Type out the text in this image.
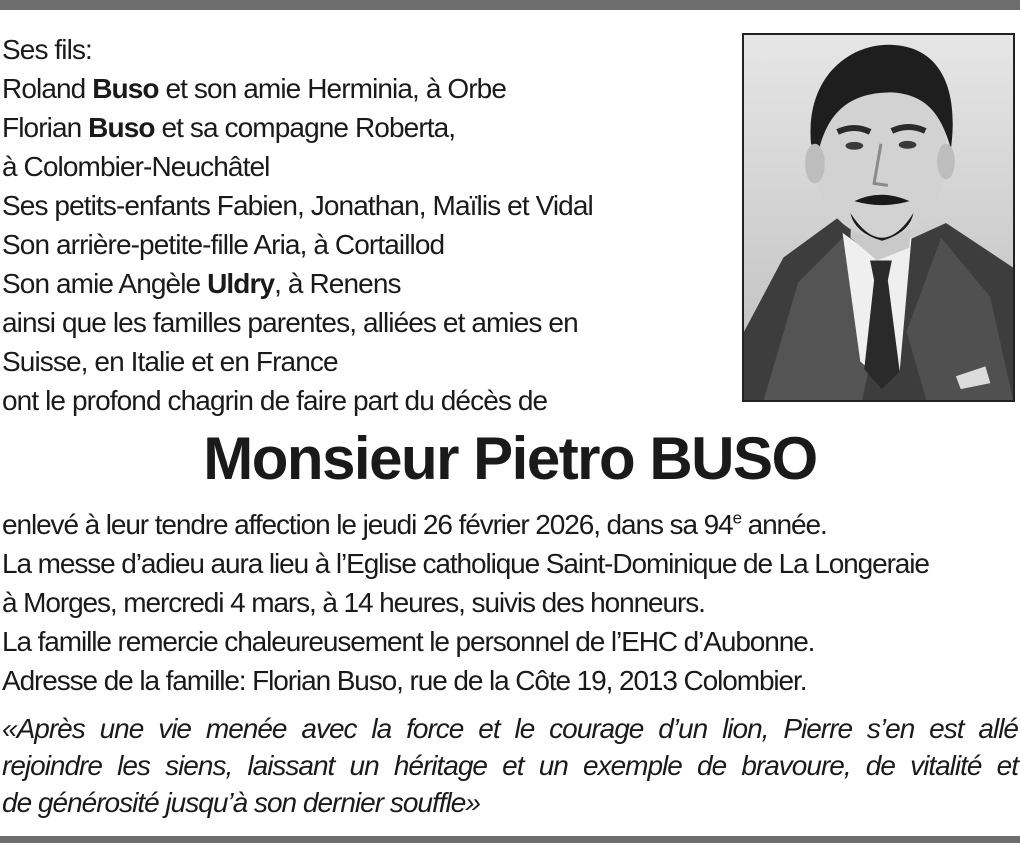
Ses fils:
Roland Buso et son amie Herminia, à Orbe
Florian Buso et sa compagne Roberta,
à Colombier-Neuchâtel
Ses petits-enfants Fabien, Jonathan, Maïlis et Vidal
Son arrière-petite-fille Aria, à Cortaillod
Son amie Angèle Uldry, à Renens
ainsi que les familles parentes, alliées et amies en
Suisse, en Italie et en France
ont le profond chagrin de faire part du décès de
Monsieur Pietro BUSO
enlevé à leur tendre affection le jeudi 26 février 2026, dans sa 94e année.
La messe d’adieu aura lieu à l’Eglise catholique Saint-Dominique de La Longeraie
à Morges, mercredi 4 mars, à 14 heures, suivis des honneurs.
La famille remercie chaleureusement le personnel de l’EHC d’Aubonne.
Adresse de la famille: Florian Buso, rue de la Côte 19, 2013 Colombier.
«Après une vie menée avec la force et le courage d’un lion, Pierre s’en est allé
rejoindre les siens, laissant un héritage et un exemple de bravoure, de vitalité et
de générosité jusqu’à son dernier souffle»
